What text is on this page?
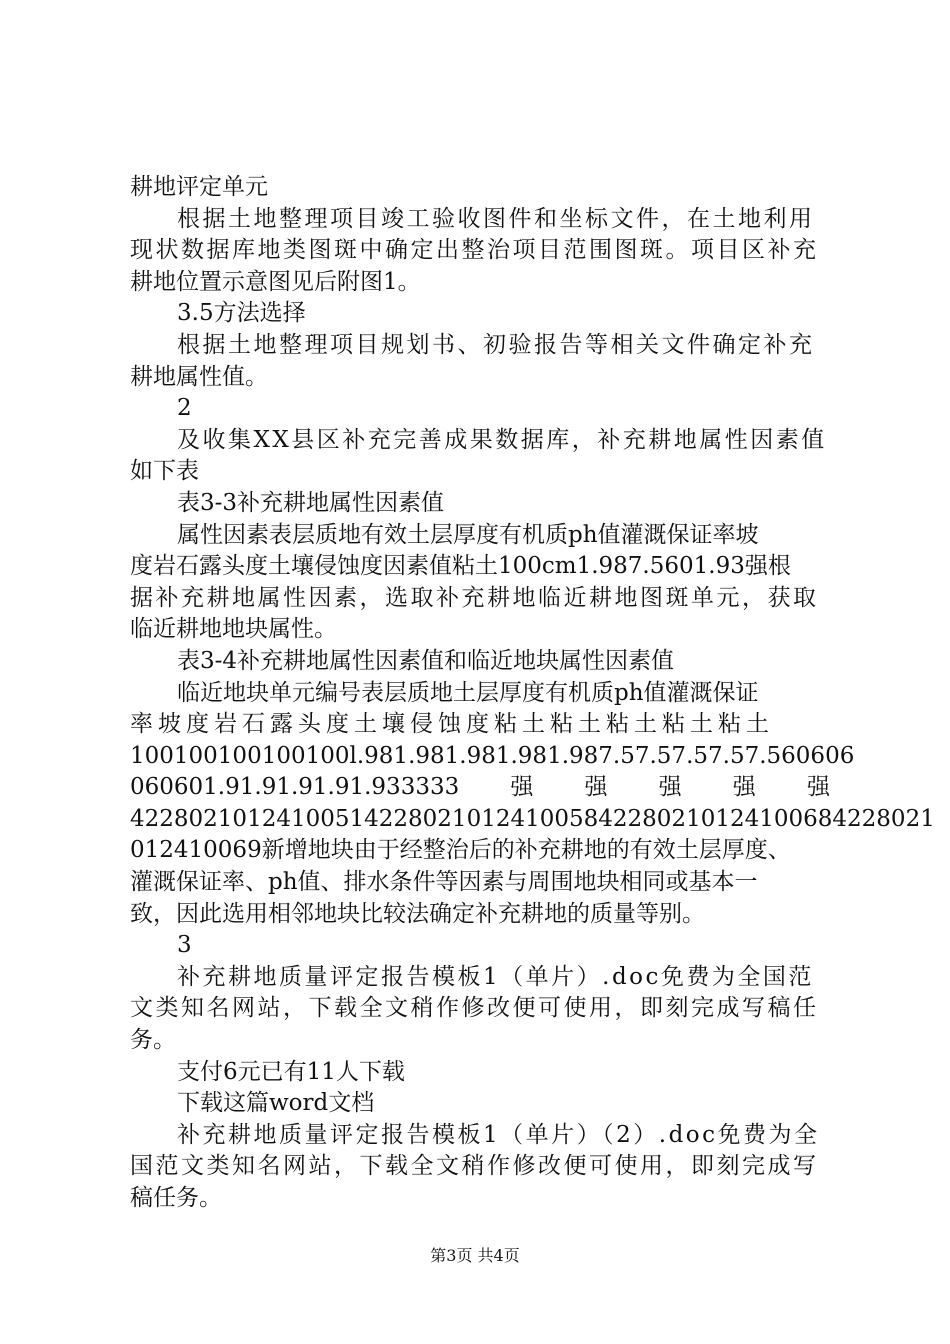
耕地评定单元
根据土地整理项目竣工验收图件和坐标文件，在土地利用
现状数据库地类图斑中确定出整治项目范围图斑。项目区补充
耕地位置示意图见后附图1。
3.5方法选择
根据土地整理项目规划书、初验报告等相关文件确定补充
耕地属性值。
2
及收集XX县区补充完善成果数据库，补充耕地属性因素值
如下表
表3-3补充耕地属性因素值
属性因素表层质地有效土层厚度有机质ph值灌溉保证率坡
度岩石露头度土壤侵蚀度因素值粘土100cm1.987.5601.93强根
据补充耕地属性因素，选取补充耕地临近耕地图斑单元，获取
临近耕地地块属性。
表3-4补充耕地属性因素值和临近地块属性因素值
临近地块单元编号表层质地土层厚度有机质ph值灌溉保证
率坡度岩石露头度土壤侵蚀度粘土粘土粘土粘土粘土
100100100100100l.981.981.981.981.987.57.57.57.57.560606
060601.91.91.91.91.933333 强 强 强 强 强
4228021012410051422802101241005842280210124100684228021
012410069新增地块由于经整治后的补充耕地的有效土层厚度、
灌溉保证率、ph值、排水条件等因素与周围地块相同或基本一
致，因此选用相邻地块比较法确定补充耕地的质量等别。
3
补充耕地质量评定报告模板1（单片）.doc免费为全国范
文类知名网站，下载全文稍作修改便可使用，即刻完成写稿任
务。
支付6元已有11人下载
下载这篇word文档
补充耕地质量评定报告模板1（单片）（2）.doc免费为全
国范文类知名网站，下载全文稍作修改便可使用，即刻完成写
稿任务。
第3页 共4页
